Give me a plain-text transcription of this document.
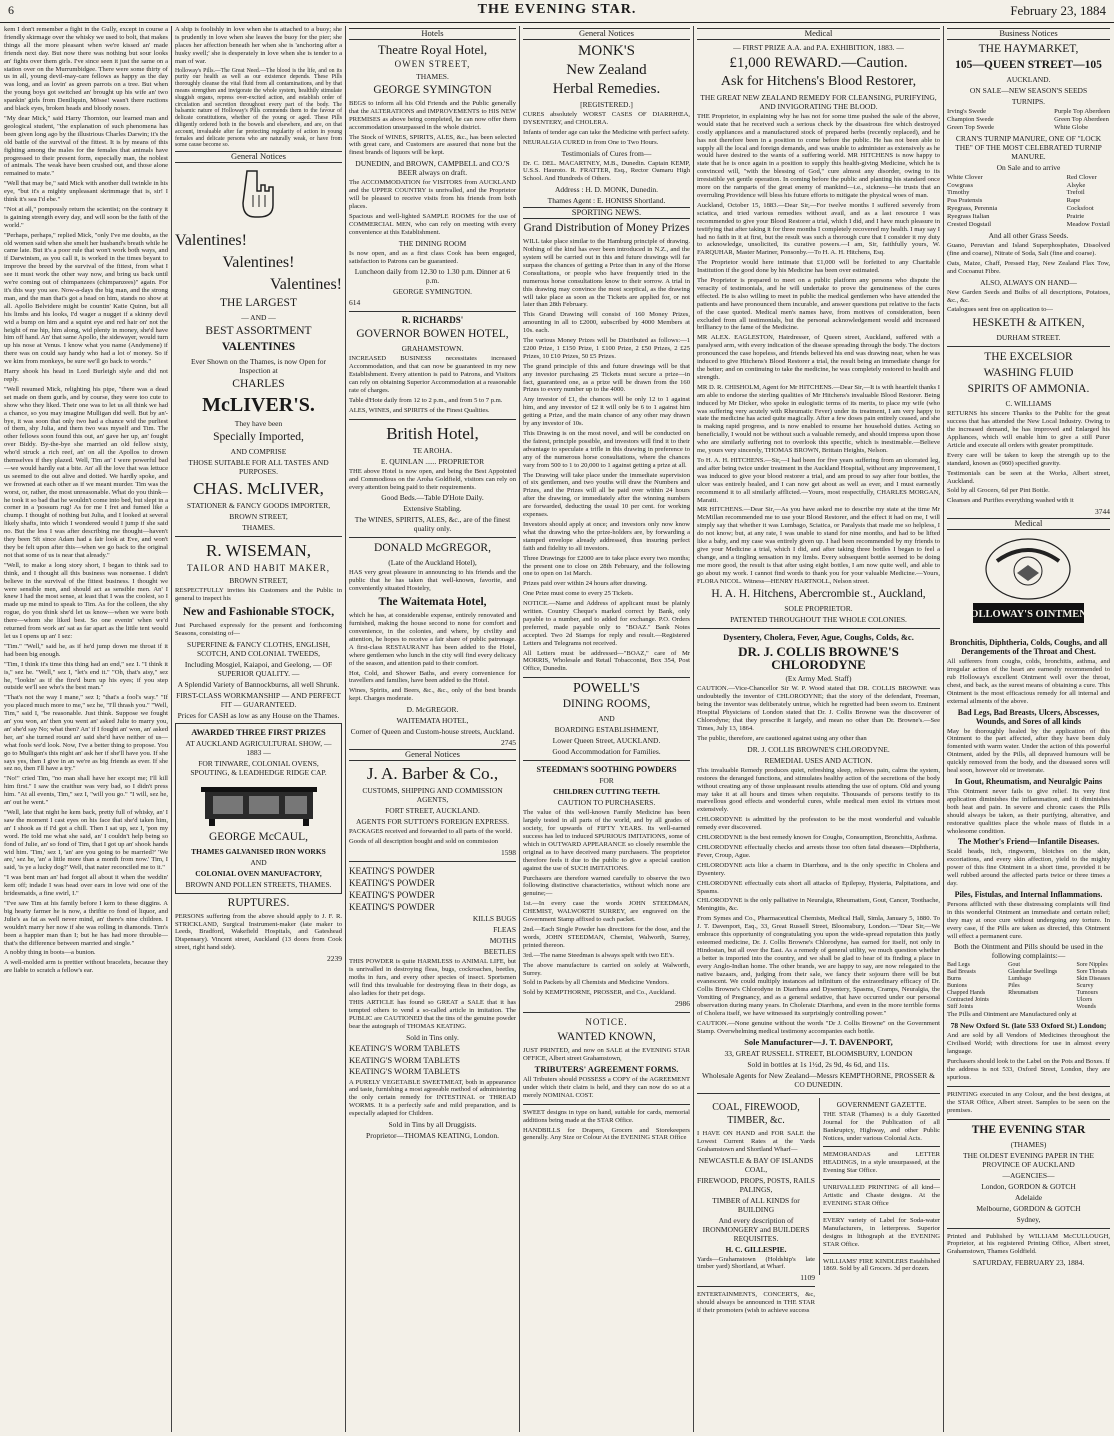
6	THE EVENING STAR.	February 23, 1884

kem I don't remember a fight in the Gully, except in course a friendly skirmage over the whisky we used to bolt, that makes things all the more pleasant when we're kissed an' made friends next day. But now there was nothing but sour looks an' fights over them girls. I've since seen it just the same on a station over on the Murrumbidgee. There were some thirty of us in all, young devil-may-care fellows as happy as the day was long, and as lovin' as green parrots on a tree. But when the young boys got switched an' brought up his wife an' two spankin' girls from Deniliquin, Mösse! wasn't there ructions and black eyes, broken heads and bloody noses.

"My dear Mick," said Harry Thornton, our learned man and geological student, "the explanation of such phenomena has been given long ago by the illustrious Charles Darwin; it's the old battle of the survival of the fittest. It is by means of this fighting among the males for the females that animals have progressed to their present form, especially man, the noblest of animals. The weak have been crushed out, and those alone remained to mate."

"Well that may be," said Mick with another dull twinkle in his eye, "but it's a mighty unpleasant skrimmage that is, sir! I think it's sea I'd ebe."

"Not at all," pompously return the scientist; on the contrary it is gaining strength every day, and will soon be the faith of the world."

"Perhaps, perhaps," replied Mick, "only I've me doubts, as the old women said when she smelt her husband's breath while he came late. But it's a poor rule that won't work both ways, and if Darwinism, as you call it, is worked in the times beyant to improve the breed by the survival of the fittest, from what I see it must work the other way now, and bring us back until we're coming out of chimpanzees (chimpanzees)" again. For it's this way you see. Now-a-days the big man, and the strong man, and the man that's got a head on him, stands no show at all. Apollo Belvidere might be countin' Katie Quinn, but all his limbs and his looks, I'd wager a nugget if a skinny devil wid a bump on him and a squint eye and red hair on' not the height of me hip, him along, wid plenty in money, she'd have him off hand. An' that same Apollo, the sidewayer, would turn up his nose at Venus. I know what you name (Andymene) if there was on could say handy who had a lot o' money. So if we kim from monkeys, be sure we'll go back to words."

Harry shook his head in Lord Burleigh style and did not reply.

"Well resumed Mick, relighting his pipe, "there was a dead set made on them gurls, and by course, they were too cute to show who they liked. Their one was to let us all think we had a chance, so you may imagine Mulligan did well. But by an'-bye, it was soon that only two had a chance wid the purliest of them, shy Julia, and them two was myself and Tim. The other fellows soon found this out, an' gave her up, an' fought over Biddy. By-the-bye she married an old fellow sixty, who'd struck a rich reef, an' on all the Apollos to drown themselves if they plazed. Well, Tim an' I were powerful bad—we would hardly eat a bite. An' all the love that was lettuce us seemed to die out alive and dotted. We hardly spoke, and we frowned at each other as if we meant murder. Tim was the worst, or, rather, the most unreasonable. What do you think—he took it so bad that he wouldn't come into bed, but slept in a corner in a 'possum rug! As for me I fret and fumed like a chump. I thought of nothing but Julia, and I looked at several likely shafts, into which I wondered would I jump if she said no. But the less I was after describing me thought—haven't they been 5ft since Adam had a fair look at Eve, and won't they be felt upon after this—when we go back to the original not that some of us is near that already."

"Well, to make a long story short, I began to think sad to think, and I thought all this business was nonsense. I didn't believe in the survival of the fittest business. I thought we were sensible men, and should act as sensible men. An' I knew I had the most sense, at least that I was the coolest, so I made up me mind to speak to Tim. As for the colleen, the shy rogue, do you think she'd let us know—when we were both there—whom she liked best. So one evenin' when we'd returned from work an' sat as far apart as the little tent would let us I opens up an' I sez:

"Tim." "Well," said he, as if he'd jump down me throat if it had been big enough.

"Tim, I think it's time this thing had an end," sez I. "I think it is," sez he. "Well," sez I, "let's end it." "Oh, that's aisy," sez he, "lookin' as if the fire'd burn up his eyes; if you step outside we'll see who's the best man."

"That's not the way I mane," sez I; "that's a fool's way." "If you placed much more to me," sez he, "I'll thrash you." "Well, Tim," said I, "be reasonable. Just think. Suppose we fought an' you won, an' then you went an' asked Julie to marry you, an' she'd say No; what then? An' if I fought an' won, an' asked her, an' she turned round an' said she'd have neither of us—what fools we'd look. Now, I've a better thing to propose. You go to Mulligan's this night an' ask her if she'll have you. If she says yes, then I give in an we're as big friends as ever. If she sez no, then I'll have a try."

"No!" cried Tim, "no man shall have her except me; I'll kill him first." I saw the craithur was very bad, so I didn't press him. "At all events, Tim," sez I, "will you go." "I will, sez he, an' out he went."

"Well, late that night he kem back, pretty full of whisky, an' I saw the moment I cast eyes on his face that she'd taken him, an' I shook as if I'd got a chill. Then I sat up, sez I, 'pon my word. He told me what she said, an' I couldn't help being so fond of Julie, an' so fond of Tim, that I got up an' shook hands wid him. 'Tim,' sez I, 'an' are you going to be married?' 'We are,' sez he, 'an' a little more than a month from now.' Tim, I said, 'is ye a lucky dog?' Well, that nater reconciled me to it."

"I was bent man an' had forgot all about it when the weddin' kem off; indade I was head over ears in love wid one of the bridesmaids, a fine swirl, I."

"I've saw Tim at his family before I kem to these diggins. A big hearty farmer he is now, a thriftie ro fond of liquor, and Julie's as fat as well never mind, an' there's nine children. I wouldn't marry her now if she was rolling in diamonds. Tim's been a happier man than I; but he has had more throuble—that's the difference between married and single."

A nobby thing in boots—a bunion.

A well-molded arm is prettier without bracelets, because they are liable to scratch a fellow's ear.

A ship is foolishly in love when she is attached to a buoy; she is prudently in love when she leaves the buoy for the pier; she places her affection beneath her when she is 'anchoring after a husky swell;' she is desperately in love when she is tender to a man of war.

Holloway's Pills.—The Great Need.—The blood is the life, and on its purity our health as well as our existence depends. These Pills thoroughly cleanse the vital fluid from all contaminations, and by that means strengthen and invigorate the whole system, healthily stimulate sluggish organs, repress over-excited action, and establish order of circulation and secretion throughout every part of the body. The balsamic nature of Holloway's Pills commends them to the favour of delicate constitutions, whether of the young or aged. These Pills diligently ordered both in the bowels and elsewhere, and are, on that account, invaluable after far protecting regularity of action in young females and delicate persons who are naturally weak, or have from some cause become so.

General Notices
Valentines!
Valentines!
Valentines!
THE LARGEST
— AND —
BEST ASSORTMENT
VALENTINES
Ever Shown on the Thames, is now Open for Inspection at
CHARLES
McLIVER'S.
They have been
Specially Imported,
AND COMPRISE
THOSE SUITABLE FOR ALL TASTES AND PURPOSES.
CHAS. McLIVER,
STATIONER & FANCY GOODS IMPORTER,
BROWN STREET,
THAMES.
R. WISEMAN,
TAILOR AND HABIT MAKER,
BROWN STREET,

RESPECTFULLY invites his Customers and the Public in general to inspect his

New and Fashionable STOCK,

Just Purchased expressly for the present and forthcoming Seasons, consisting of—

SUPERFINE & FANCY CLOTHS, ENGLISH, SCOTCH, AND COLONIAL TWEEDS,
Including Mosgiel, Kaiapoi, and Geelong, — OF SUPERIOR QUALITY. —
A Splendid Variety of Bannockburns, all well Shrunk.
FIRST-CLASS WORKMANSHIP — AND PERFECT FIT — GUARANTEED.
Prices for CASH as low as any House on the Thames.
AWARDED THREE FIRST PRIZES
AT AUCKLAND AGRICULTURAL SHOW, — 1883 —
FOR TINWARE, COLONIAL OVENS, SPOUTING, & LEADHEDGE RIDGE CAP.
GEORGE McCAUL,
THAMES GALVANISED IRON WORKS
AND
COLONIAL OVEN MANUFACTORY,
BROWN AND POLLEN STREETS, THAMES.
RUPTURES.

PERSONS suffering from the above should apply to J. F. R. STRICKLAND, Surgical Instrument-maker (late maker to Leeds, Bradford, Wakefield Hospitals, and Gateshead Dispensary). Vincent street, Auckland (13 doors from Cook street, right hand side).

2239
Hotels
Theatre Royal Hotel,
OWEN STREET,
THAMES.
GEORGE SYMINGTON

BEGS to inform all his Old Friends and the Public generally that the ALTERATIONS and IMPROVEMENTS to HIS NEW PREMISES as above being completed, he can now offer them accommodation unsurpassed in the whole district.

The Stock of WINES, SPIRITS, ALES, &c., has been selected with great care, and Customers are assured that none but the finest brands of liquors will be kept.

DUNEDIN, and BROWN, CAMPBELL and CO.'S BEER always on draft.

The ACCOMMODATION for VISITORS from AUCKLAND and the UPPER COUNTRY is unrivalled, and the Proprietor will be pleased to receive visits from his friends from both places.

Spacious and well-lighted SAMPLE ROOMS for the use of COMMERCIAL MEN, who can rely on meeting with every convenience at this Establishment.

THE DINING ROOM

Is now open, and as a first class Cook has been engaged, satisfaction to Patrons can be guaranteed.

Luncheon daily from 12.30 to 1.30 p.m. Dinner at 6 p.m.
GEORGE SYMINGTON.
614
R. RICHARDS'
GOVERNOR BOWEN HOTEL,
GRAHAMSTOWN.

INCREASED BUSINESS necessitates increased Accommodation, and that can now be guaranteed in my new Establishment. Every attention is paid to Patrons, and Visitors can rely on obtaining Superior Accommodation at a reasonable rate of charges.

Table d'Hote daily from 12 to 2 p.m., and from 5 to 7 p.m.

ALES, WINES, and SPIRITS of the Finest Qualities.

British Hotel,
TE AROHA.
E. QUINLAN ...... PROPRIETOR

THE above Hotel is now open, and being the Best Appointed and Commodious on the Aroha Goldfield, visitors can rely on every attention being paid to their requirements.

Good Beds.—Table D'Hote Daily.
Extensive Stabling.
The WINES, SPIRITS, ALES, &c., are of the finest quality only.
DONALD McGREGOR,
(Late of the Auckland Hotel),

HAS very great pleasure in announcing to his friends and the public that he has taken that well-known, favorite, and conveniently situated Hostelry,

The Waitemata Hotel,

which he has, at considerable expense, entirely renovated and furnished, making the house second to none for comfort and convenience, in the colonies, and where, by civility and attention, he hopes to receive a fair share of public patronage. A first-class RESTAURANT has been added to the Hotel, where gentlemen who lunch in the city will find every delicacy of the season, and attention paid to their comfort.

Hot, Cold, and Shower Baths, and every convenience for travellers and families, have been added to the Hotel.

Wines, Spirits, and Beers, &c., &c., only of the best brands kept. Charges moderate.

D. McGREGOR.
WAITEMATA HOTEL,
Corner of Queen and Custom-house streets, Auckland.
2745
General Notices
J. A. Barber & Co.,
CUSTOMS, SHIPPING AND COMMISSION AGENTS,
FORT STREET, AUCKLAND.
AGENTS FOR SUTTON'S FOREIGN EXPRESS.

PACKAGES received and forwarded to all parts of the world.

Goods of all description bought and sold on commission

1598
KEATING'S POWDER
KEATING'S POWDER
KEATING'S POWDER
KEATING'S POWDER
KILLS BUGS
FLEAS
MOTHS
BEETLES

THIS POWDER is quite HARMLESS to ANIMAL LIFE, but is unrivalled in destroying fleas, bugs, cockroaches, beetles, moths in furs, and every other species of insect. Sportsmen will find this invaluable for destroying fleas in their dogs, as also ladies for their pet dogs.

THIS ARTICLE has found so GREAT a SALE that it has tempted others to vend a so-called article in imitation. The PUBLIC are CAUTIONED that the tins of the genuine powder bear the autograph of THOMAS KEATING.

Sold in Tins only.
KEATING'S WORM TABLETS
KEATING'S WORM TABLETS
KEATING'S WORM TABLETS

A PURELY VEGETABLE SWEETMEAT, both in appearance and taste, furnishing a most agreeable method of administering the only certain remedy for INTESTINAL or THREAD WORMS. It is a perfectly safe and mild preparation, and is especially adapted for Children.

Sold in Tins by all Druggists.
Proprietor—THOMAS KEATING, London.
General Notices
MONK'S
New Zealand
Herbal Remedies.
[REGISTERED.]

CURES absolutely WORST CASES OF DIARRHŒA, DYSENTERY, and CHOLERA.

Infants of tender age can take the Medicine with perfect safety.

NEURALGIA CURED in from One to Two Hours.

Testimonials of Cures from—

Dr. C. DEL. MACARTNEY, M.B., Dunedin. Captain KEMP, U.S.S. Hauroto. R. FRATTER, Esq., Rector Oamaru High School. And Hundreds of Others.

Address : H. D. MONK, Dunedin.
Thames Agent : E. HONISS Shortland.
SPORTING NEWS.
Grand Distribution of Money Prizes

WILL take place similar to the Hamburg principle of drawing. Nothing of the kind has ever been introduced in N.Z., and the system will be carried out in this and future drawings will far surpass the chances of getting a Prize than in any of the Horse Consultations, or people who have frequently tried in the numerous horse consultations know to their sorrow. A trial in this drawing may convince the most sceptical, as the drawing will take place as soon as the Tickets are applied for, or not later than 28th February.

This Grand Drawing will consist of 160 Money Prizes, amounting in all to £2000, subscribed by 4000 Members at 10s. each.

The various Money Prizes will be Distributed as follows:—1 £200 Prize, 1 £150 Prize, 1 £100 Prize, 2 £50 Prizes, 2 £25 Prizes, 10 £10 Prizes, 50 £5 Prizes.

The grand principle of this and future drawings will be that any investor purchasing 25 Tickets must secure a prize—in fact, guaranteed one, as a prize will be drawn from the 160 Prizes to every number up to the 4000.

Any investor of £1, the chances will be only 12 to 1 against him, and any investor of £2 it will only be 6 to 1 against him getting a Prize, and the main chance of any other may drawn by any investor of 10s.

This Drawing is on the most novel, and will be conducted on the fairest, principle possible, and investors will find it to their advantage to speculate a trifle in this drawing in preference to any of the numerous horse consultations, where the chances vary from 500 to 1 to 20,000 to 1 against getting a prize at all.

The Drawing will take place under the immediate supervision of six gentlemen, and two youths will draw the Numbers and Prizes, and the Prizes will all be paid over within 24 hours after the drawing, or immediately after the winning numbers are forwarded, deducting the usual 10 per cent. for working expenses.

Investors should apply at once; and investors only now know what the drawing who the prize-holders are, by forwarding a stamped envelope already addressed, thus insuring perfect faith and fidelity to all investors.

Three Drawings for £2000 are to take place every two months; the present one to close on 28th February, and the following one to open on 1st March.

Prizes paid over within 24 hours after drawing.

One Prize must come to every 25 Tickets.

NOTICE.—Name and Address of applicant must be plainly written. Country Cheque's marked correct by Bank, only payable to a number, and to added for exchange. P.O. Orders preferred, made payable only to "BOAZ." Bank Notes accepted. Two 2d Stamps for reply and result.—Registered Letters and Telegrams not received.

All Letters must be addressed—"BOAZ," care of Mr MORRIS, Wholesale and Retail Tobacconist, Box 354, Post Office, Dunedin.

POWELL'S
DINING ROOMS,
AND
BOARDING ESTABLISHMENT,
Lower Queen Street, AUCKLAND.
Good Accommodation for Families.
STEEDMAN'S SOOTHING POWDERS
FOR
CHILDREN CUTTING TEETH.
CAUTION TO PURCHASERS.

The value of this well-known Family Medicine has been largely tested in all parts of the world, and by all grades of society, for upwards of FIFTY YEARS. Its well-earned success has led to induced SPURIOUS IMITATIONS, some of which in OUTWARD APPEARANCE so closely resemble the original as to have deceived many purchasers. The proprietor therefore feels it due to the public to give a special caution against the use of SUCH IMITATIONS.

Purchasers are therefore warned carefully to observe the two following distinctive characteristics, without which none are genuine;—

1st.—In every case the words JOHN STEEDMAN, CHEMIST, WALWORTH SURREY, are engraved on the Government Stamp affixed to each packet.

2nd.—Each Single Powder has directions for the dose, and the words, JOHN STEEDMAN, Chemist, Walworth, Surrey, printed thereon.

3rd.—The name Steedman is always spelt with two EE's.

The above manufacture is carried on solely at Walworth, Surrey.

Sold in Packets by all Chemists and Medicine Vendors.

Sold by KEMPTHORNE, PROSSER, and Co., Auckland.

2986
NOTICE.
WANTED KNOWN,

JUST PRINTED, and now on SALE at the EVENING STAR OFFICE, Albert street Grahamstown,

TRIBUTERS' AGREEMENT FORMS.

All Tributers should POSSESS a COPY of the AGREEMENT under which their claim is held, and they can now do so at a merely NOMINAL COST.

SWEET designs in type on hand, suitable for cards, memorial additions being made at the STAR Office.

HANDBILLS for Drapers, Grocers and Storekeepers generally. Any Size or Colour At the EVENING STAR Office

Medical
— FIRST PRIZE A.A. and P.A. EXHIBITION, 1883. —
£1,000 REWARD.—Caution.
Ask for Hitchens's Blood Restorer,
THE GREAT NEW ZEALAND REMEDY FOR CLEANSING, PURIFYING, AND INVIGORATING THE BLOOD.

THE Proprietor, in explaining why he has not for some time pushed the sale of the above, would state that he received such a serious check by the disastrous fire which destroyed costly appliances and a manufactured stock of prepared herbs (recently replaced), and he has not therefore been in a position to come before the public. He has not been able to supply all the local and foreign demands, and was unable to administer as extensively as he would have desired to the wants of a suffering world. MR HITCHENS is now happy to state that he is once again in a position to supply this health-giving Medicine, which he is convinced will, "with the blessing of God," cure almost any disorder, owing to its irresistible yet gentle operation. In coming before the public and planting his standard once more on the ramparts of the great enemy of mankind—i.e., sickness—he trusts that an overruling Providence will bless his future efforts to mitigate the physical woes of man.

Auckland, October 15, 1883.—Dear Sir,—For twelve months I suffered severely from sciatica, and tried various remedies without avail, and as a last resource I was recommended to give your Blood Restorer a trial, which I did, and I have much pleasure in testifying that after taking it for three months I completely recovered my health. I may say I had no faith in it at first, but the result was such a thorough cure that I consider it my duty to acknowledge, unsolicited, its curative powers.—I am, Sir, faithfully yours, W. FARQUHAR, Master Mariner, Ponsonby.—To H. A. H. Hitchens, Esq.

The Proprietor would here intimate that £1,000 will be forfeited to any Charitable Institution if the good done by his Medicine has been over estimated.

The Proprietor is prepared to meet on a public platform any persons who dispute the veracity of testimonials, and he will undertake to prove the genuineness of the cures effected. He is also willing to meet in public the medical gentlemen who have attended the patients and have pronounced them incurable, and answer questions put relative to the facts of the case quoted. Medical men's names have, from motives of consideration, been excluded from all testimonials, but the personal acknowledgement would add increased brilliancy to the fame of the Medicine.

MR ALEX. EAGLESTON, Hairdresser, of Queen street, Auckland, suffered with a paralysed arm, with every indication of the disease spreading through the body. The doctors pronounced the case hopeless, and friends believed his end was drawing near, when he was induced to give Hitchens's Blood Restorer a trial, the result being an immediate change for the better; and on continuing to take the medicine, he was completely restored to health and strength.

MR D. R. CHISHOLM, Agent for Mr HITCHENS.—Dear Sir,—It is with heartfelt thanks I am able to endorse the sterling qualities of Mr Hitchens's invaluable Blood Restorer. Being induced by Mr Dicker, who spoke in eulogistic terms of its merits, to place my wife (who was suffering very acutely with Rheumatic Fever) under its treatment, I am very happy to state the medicine has acted quite magically. After a few doses pain entirely ceased, and she is making rapid progress, and is now enabled to resume her household duties. Acting so beneficially, I would not be without such a valuable remedy, and should impress upon those who are similarly suffering not to overlook this specific, which is inestimable.—Believe me, yours very sincerely, THOMAS BROWN, Brittain Heights, Nelson.

To H. A. H. HITCHENS.—Sir,—I had been for five years suffering from an ulcerated leg, and after being twice under treatment in the Auckland Hospital, without any improvement, I was induced to give your blood restorer a trial, and am proud to say after four bottles, the ulcer was entirely healed, and I can now get about as well as ever, and I must earnestly recommend it to all similarly afflicted.—Yours, most respectfully, CHARLES MORGAN, Maraiti.

MR HITCHENS.—Dear Sir,—As you have asked me to describe my state at the time Mr McMillan recommended me to use your Blood Restorer, and the effect it had on me, I will simply say that whether it was Lumbago, Sciatica, or Paralysis that made me so helpless, I do not know; but, at any rate, I was unable to stand for nine months, and had to be lifted like a baby, and my case was entirely given up. I had been recommended by my friends to give your Medicine a trial, which I did, and after taking three bottles I began to feel a change, and a tingling sensation in my limbs. Every subsequent bottle seemed to be doing me more good, the result is that after using eight bottles, I am now quite well, and able to go about my work. I cannot find words to thank you for your valuable Medicine.—Yours, FLORA NICOL. Witness—HENRY HARTNOLL, Nelson street.

H. A. H. Hitchens, Abercrombie st., Auckland,
SOLE PROPRIETOR.
PATENTED THROUGHOUT THE WHOLE COLONIES.
Dysentery, Cholera, Fever, Ague, Coughs, Colds, &c.
DR. J. COLLIS BROWNE'S CHLORODYNE
(Ex Army Med. Staff)

CAUTION.—Vice-Chancellor Sir W. P. Wood stated that DR. COLLIS BROWNE was undoubtedly the inventor of CHLORODYNE; that the story of the defendant, Freeman, being the inventor was deliberately untrue, which he regretted had been sworn to. Eminent Hospital Physicians of London stated that Dr. J. Collis Browne was the discoverer of Chlorodyne; that they prescribe it largely, and mean no other than Dr. Browne's.—See Times, July 13, 1864.

The public, therefore, are cautioned against using any other than

DR. J. COLLIS BROWNE'S CHLORODYNE.
REMEDIAL USES AND ACTION.

This invaluable Remedy produces quiet, refreshing sleep, relieves pain, calms the system, restores the deranged functions, and stimulates healthy action of the secretions of the body without creating any of those unpleasant results attending the use of opium. Old and young may take it at all hours and times when requisite. Thousands of persons testify to its marvellous good effects and wonderful cures, while medical men extol its virtues most extensively.

CHLORODYNE is admitted by the profession to be the most wonderful and valuable remedy ever discovered.

CHLORODYNE is the best remedy known for Coughs, Consumption, Bronchitis, Asthma.

CHLORODYNE effectually checks and arrests those too often fatal diseases—Diphtheria, Fever, Croup, Ague.

CHLORODYNE acts like a charm in Diarrhœa, and is the only specific in Cholera and Dysentery.

CHLORODYNE effectually cuts short all attacks of Epilepsy, Hysteria, Palpitations, and Spasms.

CHLORODYNE is the only palliative in Neuralgia, Rheumatism, Gout, Cancer, Toothache, Meningitis, &c.

From Symes and Co., Pharmaceutical Chemists, Medical Hall, Simla, January 5, 1880. To J. T. Davenport, Esq., 33, Great Russell Street, Bloomsbury, London.—"Dear Sir,—We embrace this opportunity of congratulating you upon the wide-spread reputation this justly esteemed medicine, Dr. J. Collis Browne's Chlorodyne, has earned for itself, not only in Hindostan, but all over the East. As a remedy of general utility, we much question whether a better is imported into the country, and we shall be glad to hear of its finding a place in every Anglo-Indian home. The other brands, we are happy to say, are now relegated to the native bazaars, and, judging from their sale, we fancy their sojourn there will be but evanescent. We could multiply instances ad infinitum of the extraordinary efficacy of Dr. Collis Browne's Chlorodyne in Diarrhœa and Dysentery, Spasms, Cramps, Neuralgia, the Vomiting of Pregnancy, and as a general sedative, that have occurred under our personal observation during many years. In Choleraic Diarrhœa, and even in the more terrible forms of Cholera itself, we have witnessed its surprisingly controlling power."

CAUTION.—None genuine without the words "Dr J. Collis Browne" on the Government Stamp. Overwhelming medical testimony accompanies each bottle.

Sole Manufacturer—J. T. DAVENPORT,
33, GREAT RUSSELL STREET, BLOOMSBURY, LONDON
Sold in bottles at 1s 1½d, 2s 9d, 4s 6d, and 11s.
Wholesale Agents for New Zealand—Messrs KEMPTHORNE, PROSSER & CO DUNEDIN.
COAL, FIREWOOD, TIMBER, &c.

I HAVE ON HAND and FOR SALE the Lowest Current Rates at the Yards Grahamstown and Shortland Wharf—

NEWCASTLE & BAY OF ISLANDS COAL,
FIREWOOD, PROPS, POSTS, RAILS PALINGS,
TIMBER of ALL KINDS for BUILDING
And every description of IRONMONGERY and BUILDERS REQUISITES.
H. C. GILLESPIE.

Yards—Grahamstown (Holdship's late timber yard) Shortland, at Wharf.

1109

ENTERTAINMENTS, CONCERTS, &c, should always be announced in THE STAR if their promoters (wish to achieve success

GOVERNMENT GAZETTE.

THE STAR (Thames) is a duly Gazetted Journal for the Publication of all Bankruptcy, Highway, and other Public Notices, under various Colonial Acts.

MEMORANDAS and LETTER HEADINGS, in a style unsurpassed, at the Evening Star Office.

UNRIVALLED PRINTING of all kind—Artistic and Chaste designs. At the EVENING STAR Office

EVERY variety of Label for Soda-water Manufacturers, in letterpress. Superior designs in lithograph at the EVENING STAR Office.

WILLIAMS' FIRE KINDLERS Established 1869. Sold by all Grocers. 3d per dozen.

Business Notices
THE HAYMARKET,
105—QUEEN STREET—105
AUCKLAND.
ON SALE—NEW SEASON'S SEEDS
TURNIPS.
Irving's Swede
Champion Swede
Green Top Swede
Purple Top Aberdeen
Green Top Aberdeen
White Globe
CRAN'S TURNIP MANURE, ONE OF "LOCK THE" OF THE MOST CELEBRATED TURNIP MANURE.
On Sale and to arrive
White Clover
Cowgrass
Timothy
Poa Pratensis
Ryegrass, Perennia
Ryegrass Italian
Crested Dogstail
Red Clover
Alsyke
Trefoil
Rape
Cocksfoot
Prairie
Meadow Foxtail
And all other Grass Seeds.

Guano, Peruvian and Island Superphosphates, Dissolved (fine and coarse), Nitrate of Soda, Salt (fine and coarse).

Oats, Maize, Chaff, Pressed Hay, New Zealand Flax Tow, and Cocoanut Fibre.

ALSO, ALWAYS ON HAND—

New Garden Seeds and Bulbs of all descriptions, Potatoes, &c., &c.

Catalogues sent free on application to—

HESKETH & AITKEN,
DURHAM STREET.
THE EXCELSIOR
WASHING FLUID
SPIRITS OF AMMONIA.
C. WILLIAMS

RETURNS his sincere Thanks to the Public for the great success that has attended the New Local Industry. Owing to the increased demand, he has improved and Enlarged his Appliances, which will enable him to give a still Purer Article and execute all orders with greater promptitude.

Every care will be taken to keep the strength up to the standard, known as (960) specified gravity.

Testimonials can be seen at the Works, Albert street, Auckland.

Sold by all Grocers, 6d per Pint Bottle.

Cleanses and Purifies everything washed with it

3744
Medical
HOLLOWAY'S OINTMENT
Bronchitis, Diphtheria, Colds, Coughs, and all Derangements of the Throat and Chest.

All sufferers from coughs, colds, bronchitis, asthma, and irregular action of the heart are earnestly recommended to rub Holloway's excellent Ointment well over the throat, chest, and back, as the surest means of obtaining a cure. This Ointment is the most efficacious remedy for all internal and external ailments of the above.

Bad Legs, Bad Breasts, Ulcers, Abscesses, Wounds, and Sores of all kinds

May be thoroughly healed by the application of this Ointment to the part affected, after they have been duly fomented with warm water. Under the action of this powerful Ointment, aided by the Pills, all depraved humours will be quickly removed from the body, and the diseased sores will heal soon, however old or inveterate.

In Gout, Rheumatism, and Neuralgic Pains

This Ointment never fails to give relief. Its very first application diminishes the inflammation, and it diminishes both heat and pain. In severe and chronic cases the Pills should always be taken, as their purifying, alterative, and restorative qualities place the whole mass of fluids in a wholesome condition.

The Mother's Friend—Infantile Diseases.

Scald heads, itch, ringworm, blotches on the skin, excoriations, and every skin affection, yield to the mighty power of this fine Ointment in a short time, provided it be well rubbed around the affected parts twice or three times a day.

Piles, Fistulas, and Internal Inflammations.

Persons afflicted with these distressing complaints will find in this wonderful Ointment an immediate and certain relief; they may at once cure without undergoing any torture. In every case, if the Pills are taken as directed, this Ointment will effect a permanent cure.

Both the Ointment and Pills should be used in the following complaints:—
Bad Legs
Bad Breasts
Burns
Bunions
Chapped Hands
Contracted Joints
Stiff Joints
Gout
Glandular Swellings
Lumbago
Piles
Rheumatism
Sore Nipples
Sore Throats
Skin Diseases
Scurvy
Tumours
Ulcers
Wounds

The Pills and Ointment are Manufactured only at

78 New Oxford St. (late 533 Oxford St.) London;

And are sold by all Vendors of Medicines throughout the Civilised World; with directions for use in almost every language.

Purchasers should look to the Label on the Pots and Boxes. If the address is not 533, Oxford Street, London, they are spurious.

PRINTING executed in any Colour, and the best designs, at the STAR Office, Albert street. Samples to be seen on the premises.

THE EVENING STAR
(THAMES)
THE OLDEST EVENING PAPER IN THE PROVINCE OF AUCKLAND
—AGENCIES—
London, GORDON & GOTCH
Adelaide
Melbourne, GORDON & GOTCH
Sydney,

Printed and Published by WILLIAM McCULLOUGH, Proprietor, at his registered Printing Office, Albert street, Grahamstown, Thames Goldfield.

SATURDAY, FEBRUARY 23, 1884.
